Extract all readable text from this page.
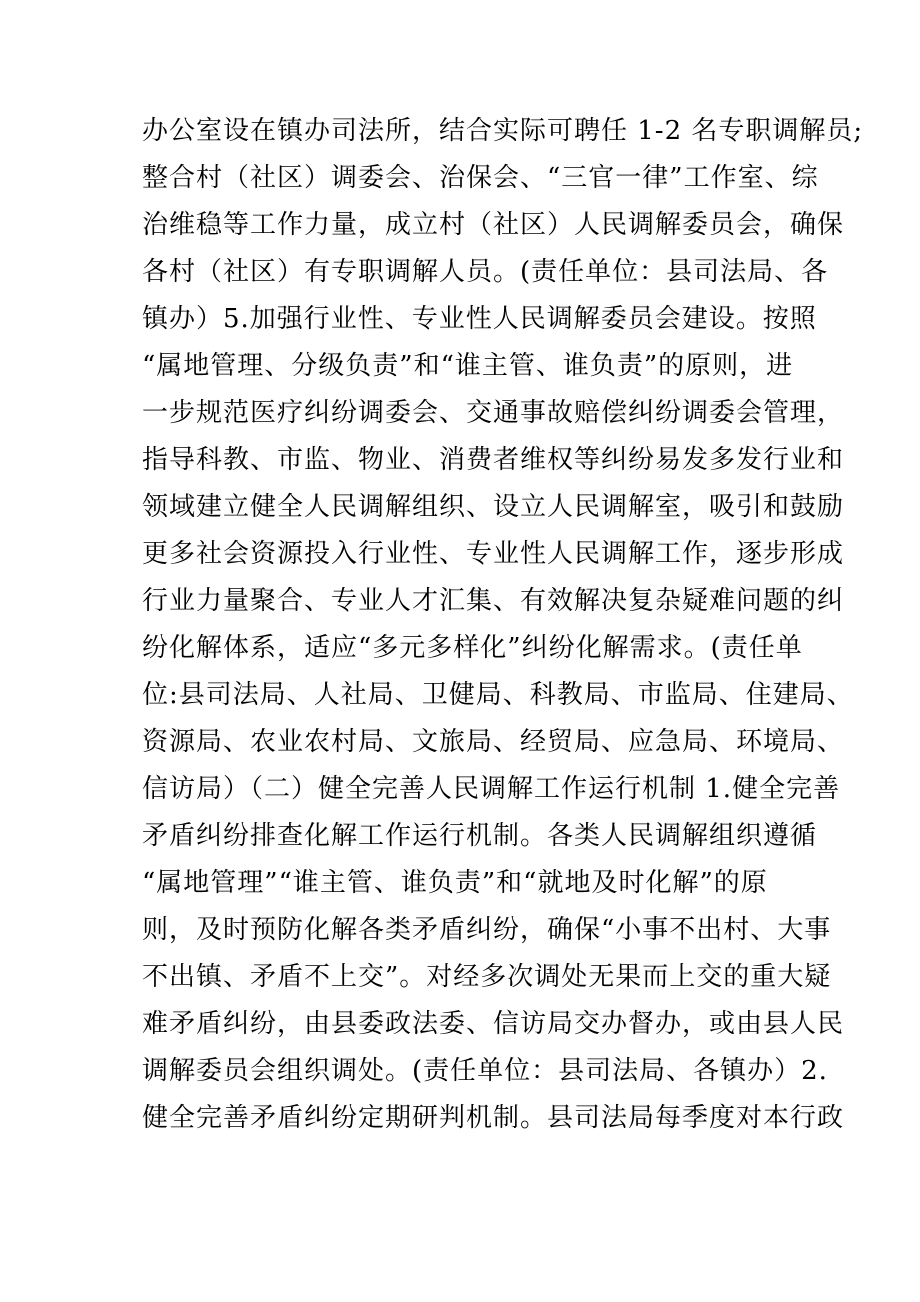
办公室设在镇办司法所，结合实际可聘任 1-2 名专职调解员;
整合村（社区）调委会、治保会、“三官一律”工作室、综
治维稳等工作力量，成立村（社区）人民调解委员会，确保
各村（社区）有专职调解人员。(责任单位：县司法局、各
镇办）5.加强行业性、专业性人民调解委员会建设。按照
“属地管理、分级负责”和“谁主管、谁负责”的原则，进
一步规范医疗纠纷调委会、交通事故赔偿纠纷调委会管理，
指导科教、市监、物业、消费者维权等纠纷易发多发行业和
领域建立健全人民调解组织、设立人民调解室，吸引和鼓励
更多社会资源投入行业性、专业性人民调解工作，逐步形成
行业力量聚合、专业人才汇集、有效解决复杂疑难问题的纠
纷化解体系，适应“多元多样化”纠纷化解需求。(责任单
位:县司法局、人社局、卫健局、科教局、市监局、住建局、
资源局、农业农村局、文旅局、经贸局、应急局、环境局、
信访局）（二）健全完善人民调解工作运行机制 1.健全完善
矛盾纠纷排查化解工作运行机制。各类人民调解组织遵循
“属地管理”“谁主管、谁负责”和“就地及时化解”的原
则，及时预防化解各类矛盾纠纷，确保“小事不出村、大事
不出镇、矛盾不上交”。对经多次调处无果而上交的重大疑
难矛盾纠纷，由县委政法委、信访局交办督办，或由县人民
调解委员会组织调处。(责任单位：县司法局、各镇办）2.
健全完善矛盾纠纷定期研判机制。县司法局每季度对本行政
